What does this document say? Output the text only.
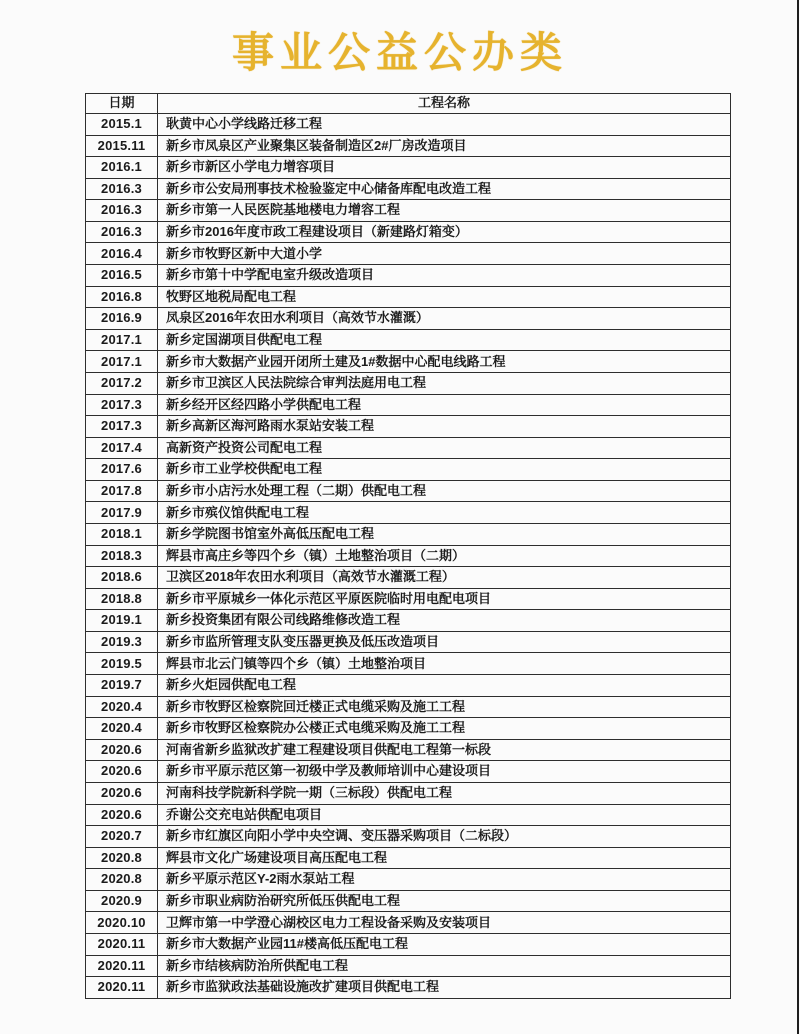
事业公益公办类
日期	工程名称
2015.1	耿黄中心小学线路迁移工程
2015.11	新乡市凤泉区产业聚集区装备制造区2#厂房改造项目
2016.1	新乡市新区小学电力增容项目
2016.3	新乡市公安局刑事技术检验鉴定中心储备库配电改造工程
2016.3	新乡市第一人民医院基地楼电力增容工程
2016.3	新乡市2016年度市政工程建设项目（新建路灯箱变）
2016.4	新乡市牧野区新中大道小学
2016.5	新乡市第十中学配电室升级改造项目
2016.8	牧野区地税局配电工程
2016.9	凤泉区2016年农田水利项目（高效节水灌溉）
2017.1	新乡定国湖项目供配电工程
2017.1	新乡市大数据产业园开闭所土建及1#数据中心配电线路工程
2017.2	新乡市卫滨区人民法院综合审判法庭用电工程
2017.3	新乡经开区经四路小学供配电工程
2017.3	新乡高新区海河路雨水泵站安装工程
2017.4	高新资产投资公司配电工程
2017.6	新乡市工业学校供配电工程
2017.8	新乡市小店污水处理工程（二期）供配电工程
2017.9	新乡市殡仪馆供配电工程
2018.1	新乡学院图书馆室外高低压配电工程
2018.3	辉县市高庄乡等四个乡（镇）土地整治项目（二期）
2018.6	卫滨区2018年农田水利项目（高效节水灌溉工程）
2018.8	新乡市平原城乡一体化示范区平原医院临时用电配电项目
2019.1	新乡投资集团有限公司线路维修改造工程
2019.3	新乡市监所管理支队变压器更换及低压改造项目
2019.5	辉县市北云门镇等四个乡（镇）土地整治项目
2019.7	新乡火炬园供配电工程
2020.4	新乡市牧野区检察院回迁楼正式电缆采购及施工工程
2020.4	新乡市牧野区检察院办公楼正式电缆采购及施工工程
2020.6	河南省新乡监狱改扩建工程建设项目供配电工程第一标段
2020.6	新乡市平原示范区第一初级中学及教师培训中心建设项目
2020.6	河南科技学院新科学院一期（三标段）供配电工程
2020.6	乔谢公交充电站供配电项目
2020.7	新乡市红旗区向阳小学中央空调、变压器采购项目（二标段）
2020.8	辉县市文化广场建设项目高压配电工程
2020.8	新乡平原示范区Y-2雨水泵站工程
2020.9	新乡市职业病防治研究所低压供配电工程
2020.10	卫辉市第一中学澄心湖校区电力工程设备采购及安装项目
2020.11	新乡市大数据产业园11#楼高低压配电工程
2020.11	新乡市结核病防治所供配电工程
2020.11	新乡市监狱政法基础设施改扩建项目供配电工程
